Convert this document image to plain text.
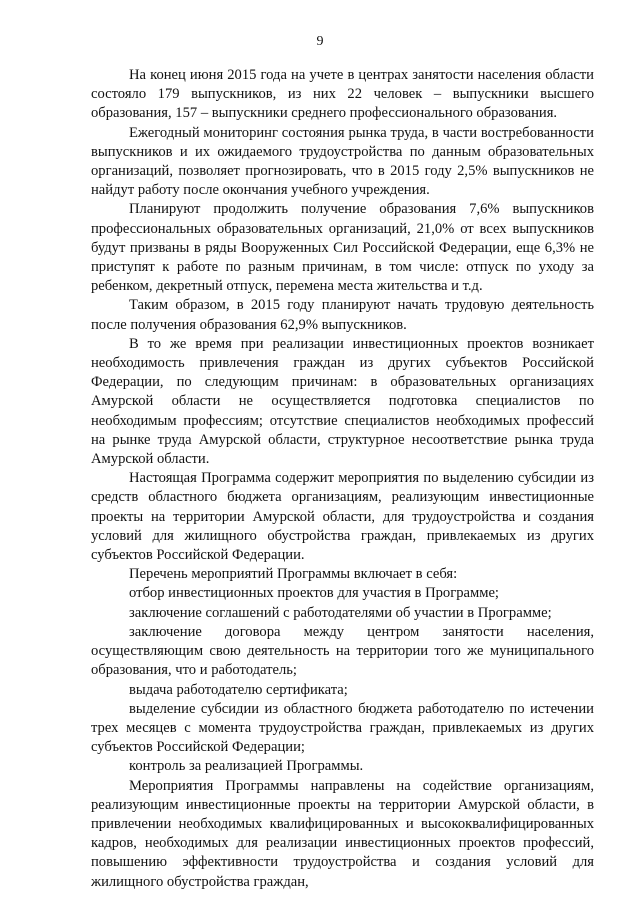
9

На конец июня 2015 года на учете в центрах занятости населения области состояло 179 выпускников, из них 22 человек – выпускники высшего образования, 157 – выпускники среднего профессионального образования.

Ежегодный мониторинг состояния рынка труда, в части востребованности выпускников и их ожидаемого трудоустройства по данным образовательных организаций, позволяет прогнозировать, что в 2015 году 2,5% выпускников не найдут работу после окончания учебного учреждения.

Планируют продолжить получение образования 7,6% выпускников профессиональных образовательных организаций, 21,0% от всех выпускников будут призваны в ряды Вооруженных Сил Российской Федерации, еще 6,3% не приступят к работе по разным причинам, в том числе: отпуск по уходу за ребенком, декретный отпуск, перемена места жительства и т.д.

Таким образом, в 2015 году планируют начать трудовую деятельность после получения образования 62,9% выпускников.

В то же время при реализации инвестиционных проектов возникает необходимость привлечения граждан из других субъектов Российской Федерации, по следующим причинам: в образовательных организациях Амурской области не осуществляется подготовка специалистов по необходимым профессиям; отсутствие специалистов необходимых профессий на рынке труда Амурской области, структурное несоответствие рынка труда Амурской области.

Настоящая Программа содержит мероприятия по выделению субсидии из средств областного бюджета организациям, реализующим инвестиционные проекты на территории Амурской области, для трудоустройства и создания условий для жилищного обустройства граждан, привлекаемых из других субъектов Российской Федерации.

Перечень мероприятий Программы включает в себя:

отбор инвестиционных проектов для участия в Программе;

заключение соглашений с работодателями об участии в Программе;

заключение договора между центром занятости населения, осуществляющим свою деятельность на территории того же муниципального образования, что и работодатель;

выдача работодателю сертификата;

выделение субсидии из областного бюджета работодателю по истечении трех месяцев с момента трудоустройства граждан, привлекаемых из других субъектов Российской Федерации;

контроль за реализацией Программы.

Мероприятия Программы направлены на содействие организациям, реализующим инвестиционные проекты на территории Амурской области, в привлечении необходимых квалифицированных и высококвалифицированных кадров, необходимых для реализации инвестиционных проектов профессий, повышению эффективности трудоустройства и создания условий для жилищного обустройства граждан,
